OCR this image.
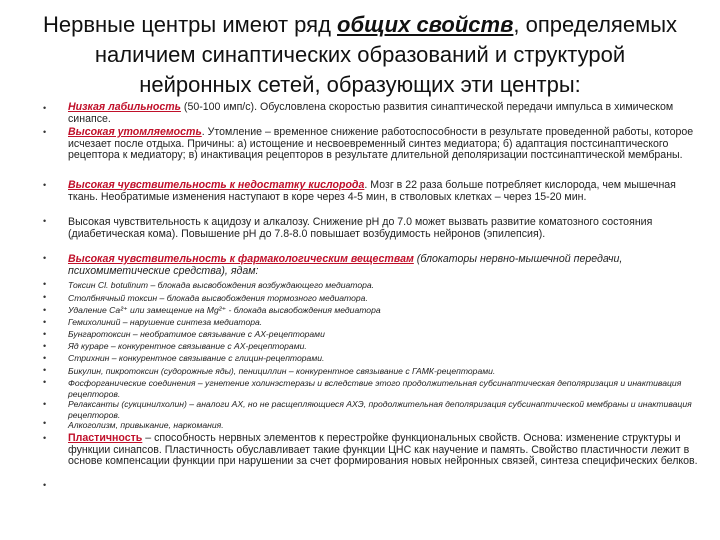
Нервные центры имеют ряд общих свойств, определяемых наличием синаптических образований и структурой нейронных сетей, образующих эти центры:
• Низкая лабильность (50-100 имп/с). Обусловлена скоростью развития синаптической передачи импульса в химическом синапсе.
• Высокая утомляемость. Утомление – временное снижение работоспособности в результате проведенной работы, которое исчезает после отдыха. Причины: а) истощение и несвоевременный синтез медиатора; б) адаптация постсинаптического рецептора к медиатору; в) инактивация рецепторов в результате длительной деполяризации постсинаптической мембраны.
• Высокая чувствительность к недостатку кислорода. Мозг в 22 раза больше потребляет кислорода, чем мышечная ткань. Необратимые изменения наступают в коре через 4-5 мин, в стволовых клетках – через 15-20 мин.
• Высокая чувствительность к ацидозу и алкалозу. Снижение рН до 7.0 может вызвать развитие коматозного состояния (диабетическая кома). Повышение рН до 7.8-8.0 повышает возбудимость нейронов (эпилепсия).
• Высокая чувствительность к фармакологическим веществам (блокаторы нервно-мышечной передачи, психомиметические средства), ядам:
•	Токсин Cl. botulinum – блокада высвобождения возбуждающего медиатора.
•	Столбнячный токсин – блокада высвобождения тормозного медиатора.
•	Удаление Са²⁺ или замещение на Mg²⁺ - блокада высвобождения медиатора
•	Гемихолиний – нарушение синтеза медиатора.
•	Бунгаротоксин – необратимое связывание с АХ-рецепторами
•	Яд кураре – конкурентное связывание с АХ-рецепторами.
•	Стрихнин – конкурентное связывание с глицин-рецепторами.
•	Бикулин, пикротоксин (судорожные яды), пенициллин – конкурентное связывание с ГАМК-рецепторами.
•	Фосфорганические соединения – угнетение холинэстеразы и вследствие этого продолжительная субсинаптическая деполяризация и инактивация рецепторов.
•	Релаксанты (сукцинилхолин) – аналоги АХ, но не расщепляющиеся АХЭ, продолжительная деполяризация субсинаптической мембраны и инактивация рецепторов.
•	Алкоголизм, привыкание, наркомания.
• Пластичность – способность нервных элементов к перестройке функциональных свойств. Основа: изменение структуры и функции синапсов. Пластичность обуславливает такие функции ЦНС как научение и память. Свойство пластичности лежит в основе компенсации функции при нарушении за счет формирования новых нейронных связей, синтеза специфических белков.
•
